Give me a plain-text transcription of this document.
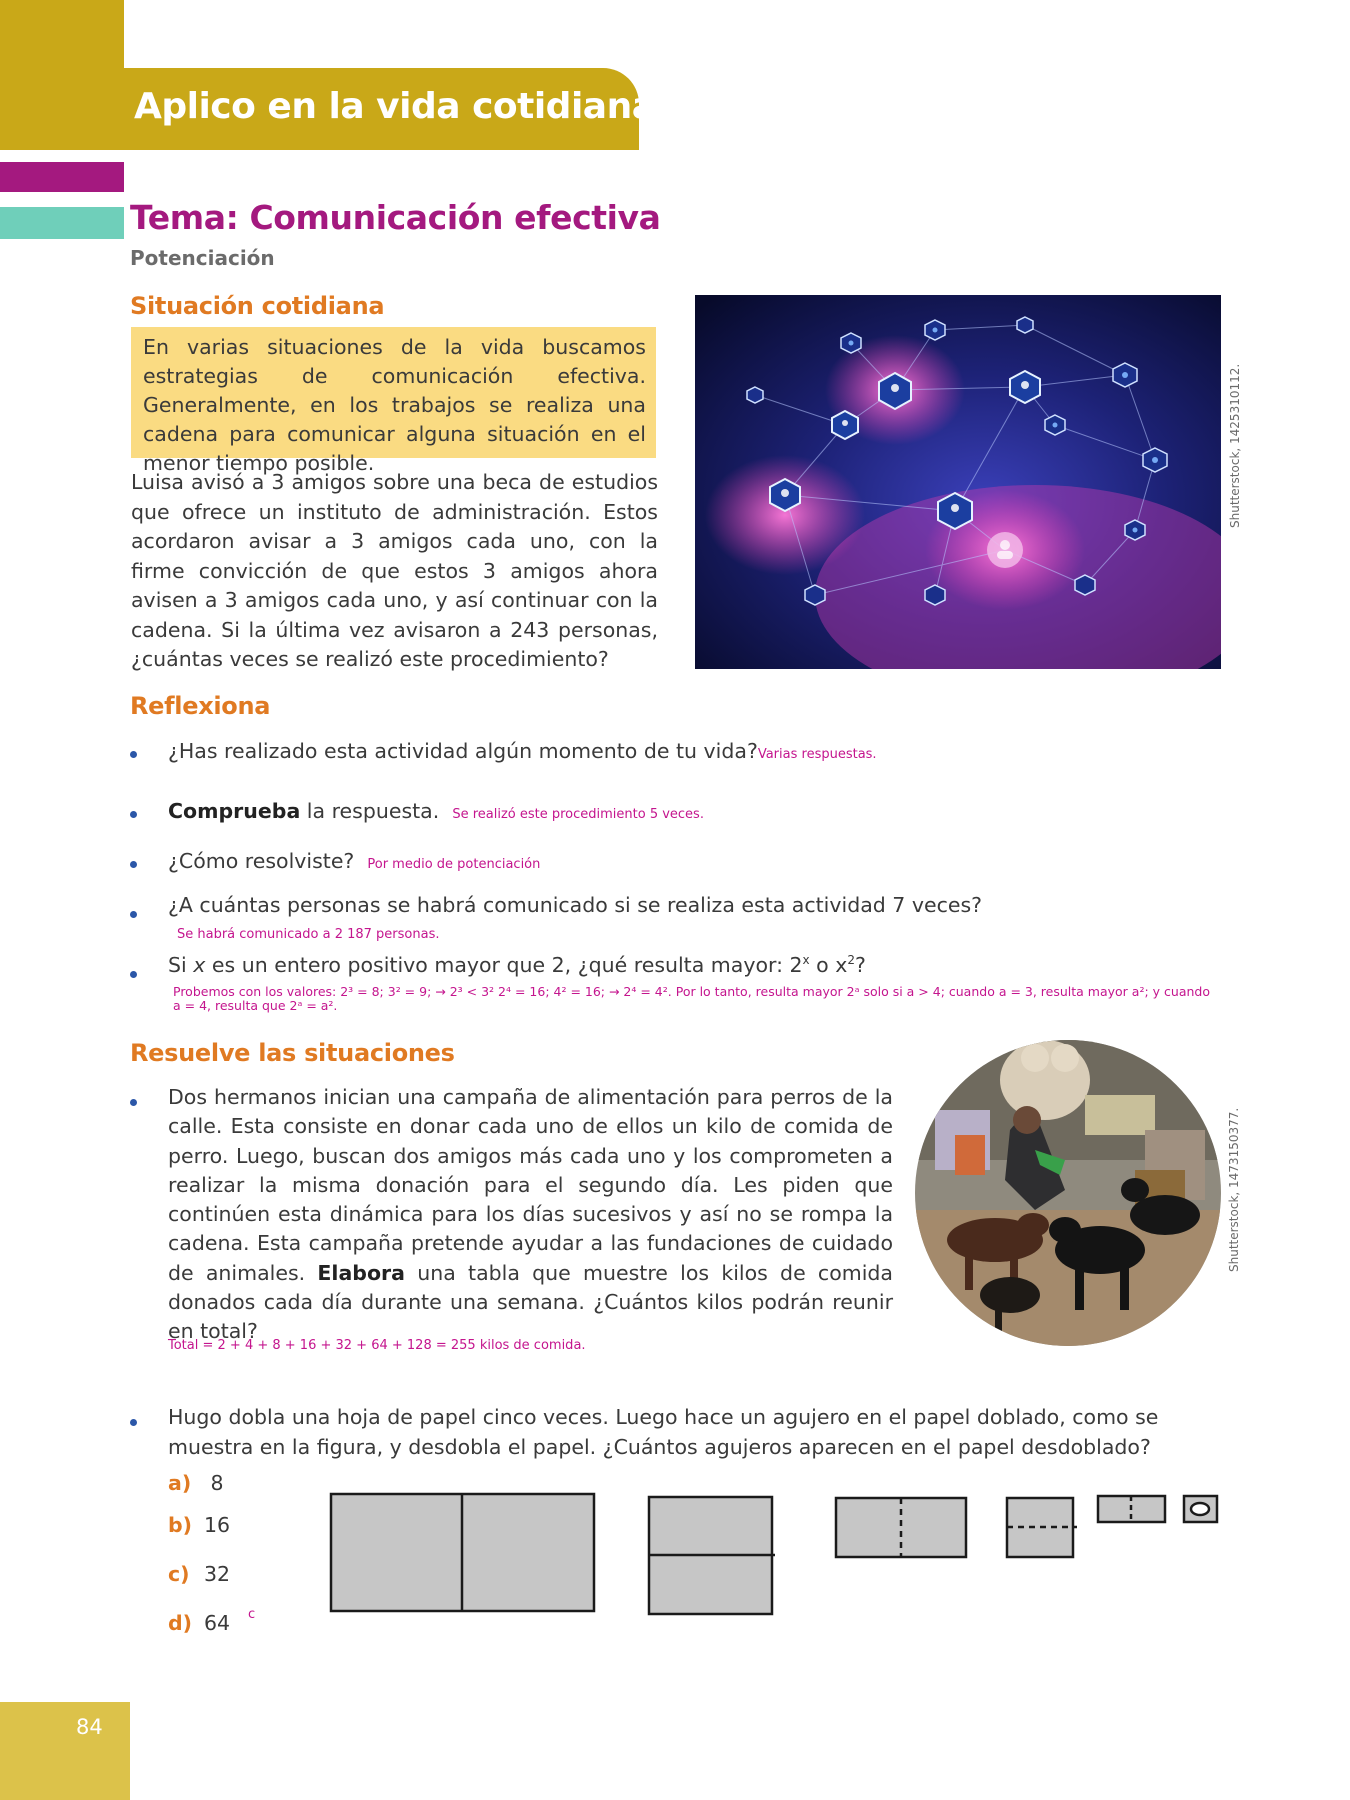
Aplico en la vida cotidiana
Tema: Comunicación efectiva
Potenciación
Situación cotidiana
En varias situaciones de la vida buscamos estrategias de comunicación efectiva. Generalmente, en los trabajos se realiza una cadena para comunicar alguna situación en el menor tiempo posible.
Luisa avisó a 3 amigos sobre una beca de estudios que ofrece un instituto de administración. Estos acordaron avisar a 3 amigos cada uno, con la firme convicción de que estos 3 amigos ahora avisen a 3 amigos cada uno, y así continuar con la cadena. Si la última vez avisaron a 243 personas, ¿cuántas veces se realizó este procedimiento?
Shutterstock, 1425310112.
Reflexiona
¿Has realizado esta actividad algún momento de tu vida?Varias respuestas.
Comprueba la respuesta. Se realizó este procedimiento 5 veces.
¿Cómo resolviste? Por medio de potenciación
¿A cuántas personas se habrá comunicado si se realiza esta actividad 7 veces?
Se habrá comunicado a 2 187 personas.
Si x es un entero positivo mayor que 2, ¿qué resulta mayor: 2$^x$ o $x^2$?
Probemos con los valores: 2³ = 8; 3² = 9; → 2³ < 3² 2⁴ = 16; 4² = 16; → 2⁴ = 4². Por lo tanto, resulta mayor 2ᵃ solo si a > 4; cuando a = 3, resulta mayor a²; y cuando a = 4, resulta que 2ᵃ = a².
Resuelve las situaciones
Dos hermanos inician una campaña de alimentación para perros de la calle. Esta consiste en donar cada uno de ellos un kilo de comida de perro. Luego, buscan dos amigos más cada uno y los comprometen a realizar la misma donación para el segundo día. Les piden que continúen esta dinámica para los días sucesivos y así no se rompa la cadena. Esta campaña pretende ayudar a las fundaciones de cuidado de animales. Elabora una tabla que muestre los kilos de comida donados cada día durante una semana. ¿Cuántos kilos podrán reunir en total?
Total = 2 + 4 + 8 + 16 + 32 + 64 + 128 = 255 kilos de comida.
Shutterstock, 1473150377.
Hugo dobla una hoja de papel cinco veces. Luego hace un agujero en el papel doblado, como se muestra en la figura, y desdobla el papel. ¿Cuántos agujeros aparecen en el papel desdoblado?
a) 8
b) 16
c) 32
d) 64 c
84
